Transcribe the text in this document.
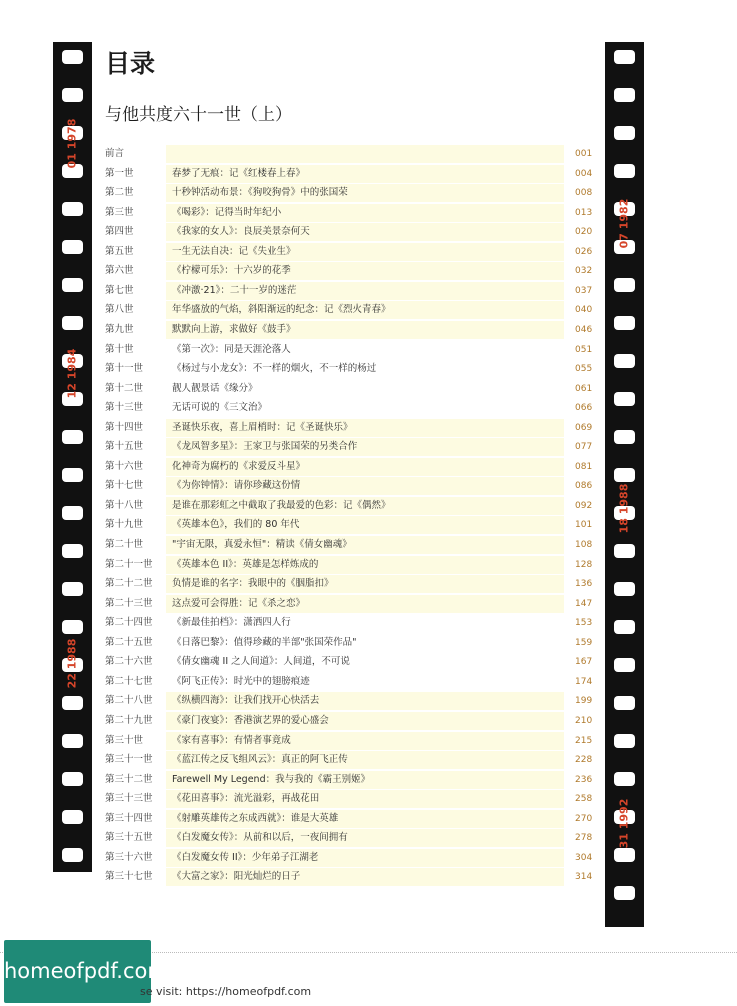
01 1978
12 1984
22 1988
07 1982
18 1988
31 1992
目录
与他共度六十一世（上）
前言	001
第一世	春梦了无痕：记《红楼春上春》	004
第二世	十秒钟活动布景：《狗咬狗骨》中的张国荣	008
第三世	《喝彩》：记得当时年纪小	013
第四世	《我家的女人》：良辰美景奈何天	020
第五世	一生无法自决：记《失业生》	026
第六世	《柠檬可乐》：十六岁的花季	032
第七世	《冲激·21》：二十一岁的迷茫	037
第八世	年华盛放的气焰，斜阳渐远的纪念：记《烈火青春》	040
第九世	默默向上游，求做好《鼓手》	046
第十世	《第一次》：同是天涯沦落人	051
第十一世	《杨过与小龙女》：不一样的烟火，不一样的杨过	055
第十二世	靓人靓景话《缘分》	061
第十三世	无话可说的《三文治》	066
第十四世	圣诞快乐夜，喜上眉梢时：记《圣诞快乐》	069
第十五世	《龙凤智多星》：王家卫与张国荣的另类合作	077
第十六世	化神奇为腐朽的《求爱反斗星》	081
第十七世	《为你钟情》：请你珍藏这份情	086
第十八世	是谁在那彩虹之中截取了我最爱的色彩：记《偶然》	092
第十九世	《英雄本色》，我们的 80 年代	101
第二十世	"宇宙无限，真爱永恒"：精读《倩女幽魂》	108
第二十一世	《英雄本色 II》：英雄是怎样炼成的	128
第二十二世	负情是谁的名字：我眼中的《胭脂扣》	136
第二十三世	这点爱可会得胜：记《杀之恋》	147
第二十四世	《新最佳拍档》：潇洒四人行	153
第二十五世	《日落巴黎》：值得珍藏的半部"张国荣作品"	159
第二十六世	《倩女幽魂 II 之人间道》：人间道，不可说	167
第二十七世	《阿飞正传》：时光中的翅膀痕迹	174
第二十八世	《纵横四海》：让我们找开心快活去	199
第二十九世	《豪门夜宴》：香港演艺界的爱心盛会	210
第三十世	《家有喜事》：有情者事竟成	215
第三十一世	《蓝江传之反飞组风云》：真正的阿飞正传	228
第三十二世	Farewell My Legend：我与我的《霸王别姬》	236
第三十三世	《花田喜事》：流光溢彩，再战花田	258
第三十四世	《射雕英雄传之东成西就》：谁是大英雄	270
第三十五世	《白发魔女传》：从前和以后，一夜间拥有	278
第三十六世	《白发魔女传 II》：少年弟子江湖老	304
第三十七世	《大富之家》：阳光灿烂的日子	314
homeofpdf.com
se visit: https://homeofpdf.com
